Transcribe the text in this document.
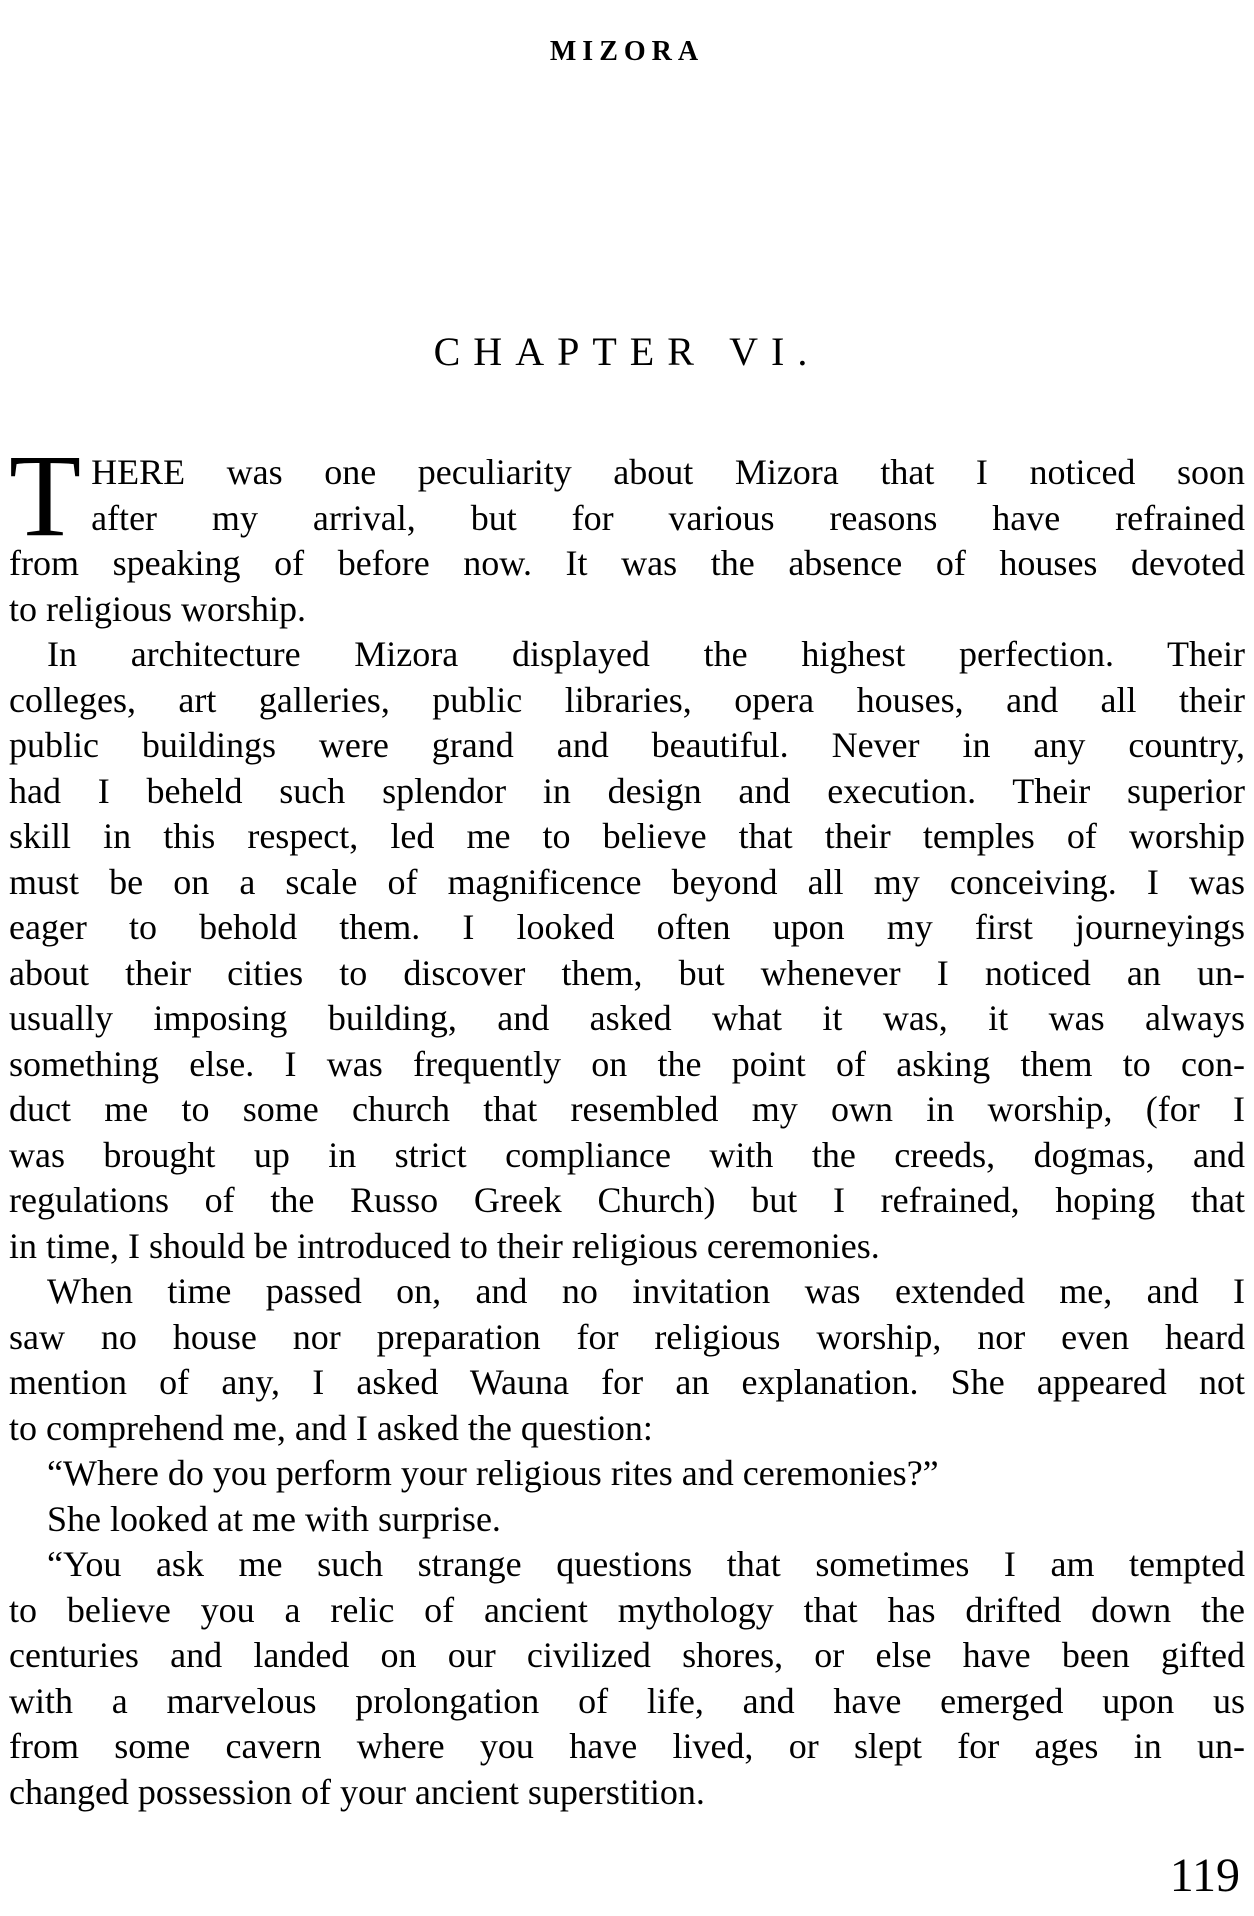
MIZORA
CHAPTER VI.
T HERE was one peculiarity about Mizora that I noticed soon
after my arrival, but for various reasons have refrained
from speaking of before now. It was the absence of houses devoted
to religious worship.
In architecture Mizora displayed the highest perfection. Their
colleges, art galleries, public libraries, opera houses, and all their
public buildings were grand and beautiful. Never in any country,
had I beheld such splendor in design and execution. Their superior
skill in this respect, led me to believe that their temples of worship
must be on a scale of magnificence beyond all my conceiving. I was
eager to behold them. I looked often upon my first journeyings
about their cities to discover them, but whenever I noticed an un-
usually imposing building, and asked what it was, it was always
something else. I was frequently on the point of asking them to con-
duct me to some church that resembled my own in worship, (for I
was brought up in strict compliance with the creeds, dogmas, and
regulations of the Russo Greek Church) but I refrained, hoping that
in time, I should be introduced to their religious ceremonies.
When time passed on, and no invitation was extended me, and I
saw no house nor preparation for religious worship, nor even heard
mention of any, I asked Wauna for an explanation. She appeared not
to comprehend me, and I asked the question:
“Where do you perform your religious rites and ceremonies?”
She looked at me with surprise.
“You ask me such strange questions that sometimes I am tempted
to believe you a relic of ancient mythology that has drifted down the
centuries and landed on our civilized shores, or else have been gifted
with a marvelous prolongation of life, and have emerged upon us
from some cavern where you have lived, or slept for ages in un-
changed possession of your ancient superstition.
119
